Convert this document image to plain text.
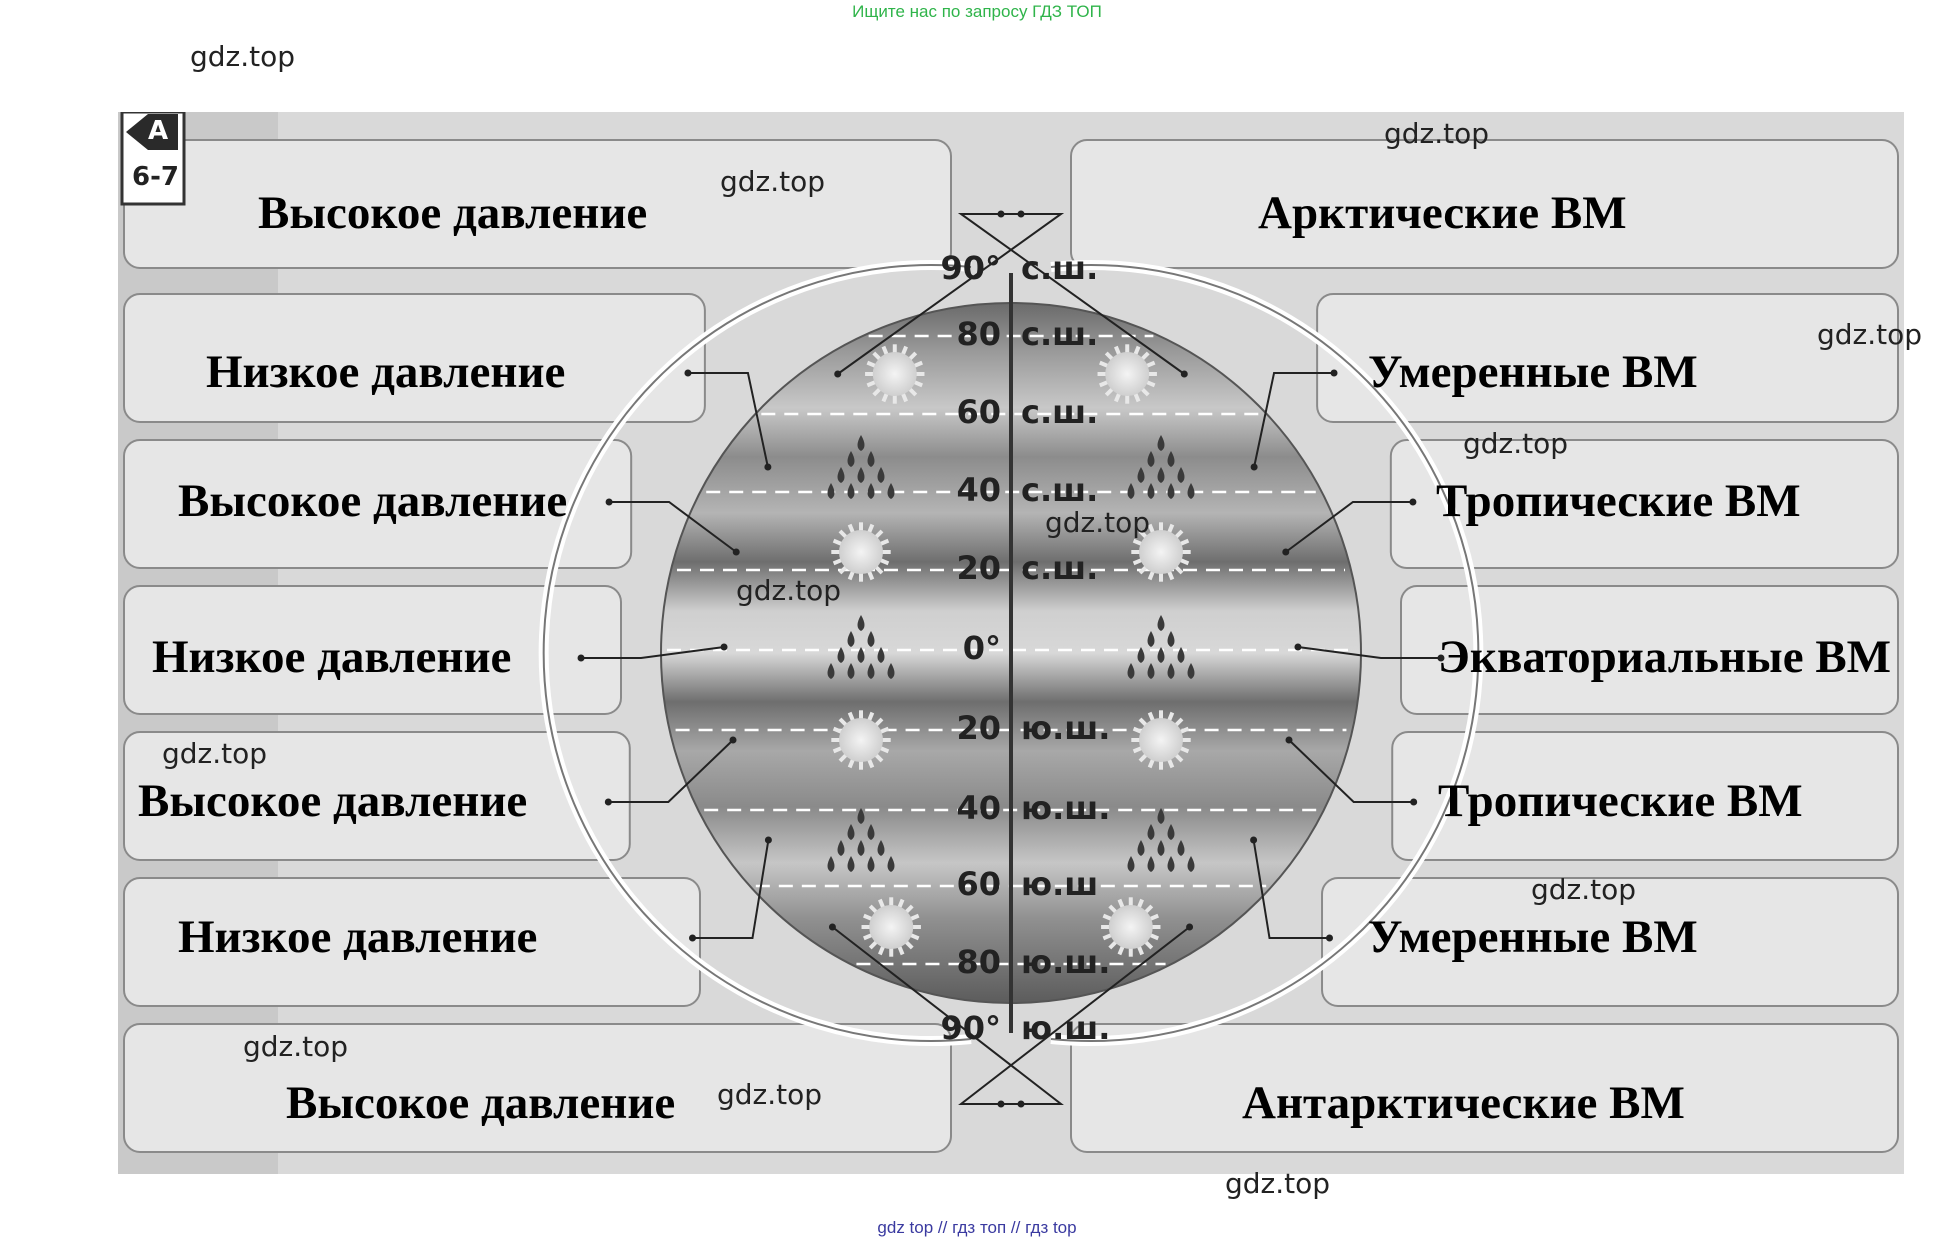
Ищите нас по запросу ГДЗ ТОП
A
6-7
Высокое давление
Низкое давление
Высокое давление
Низкое давление
Высокое давление
Низкое давление
Высокое давление
Арктические ВМ
Умеренные ВМ
Тропические ВМ
Экваториальные ВМ
Тропические ВМ
Умеренные ВМ
Антарктические ВМ
90° с.ш.
80 с.ш.
60 с.ш.
40 с.ш.
20 с.ш.
0°
20 ю.ш.
40 ю.ш.
60 ю.ш
80 ю.ш.
90° ю.ш.
gdz.top
gdz.top
gdz.top
gdz.top
gdz.top
gdz.top
gdz.top
gdz.top
gdz.top
gdz.top
gdz.top
gdz.top
gdz top // гдз топ // гдз top
